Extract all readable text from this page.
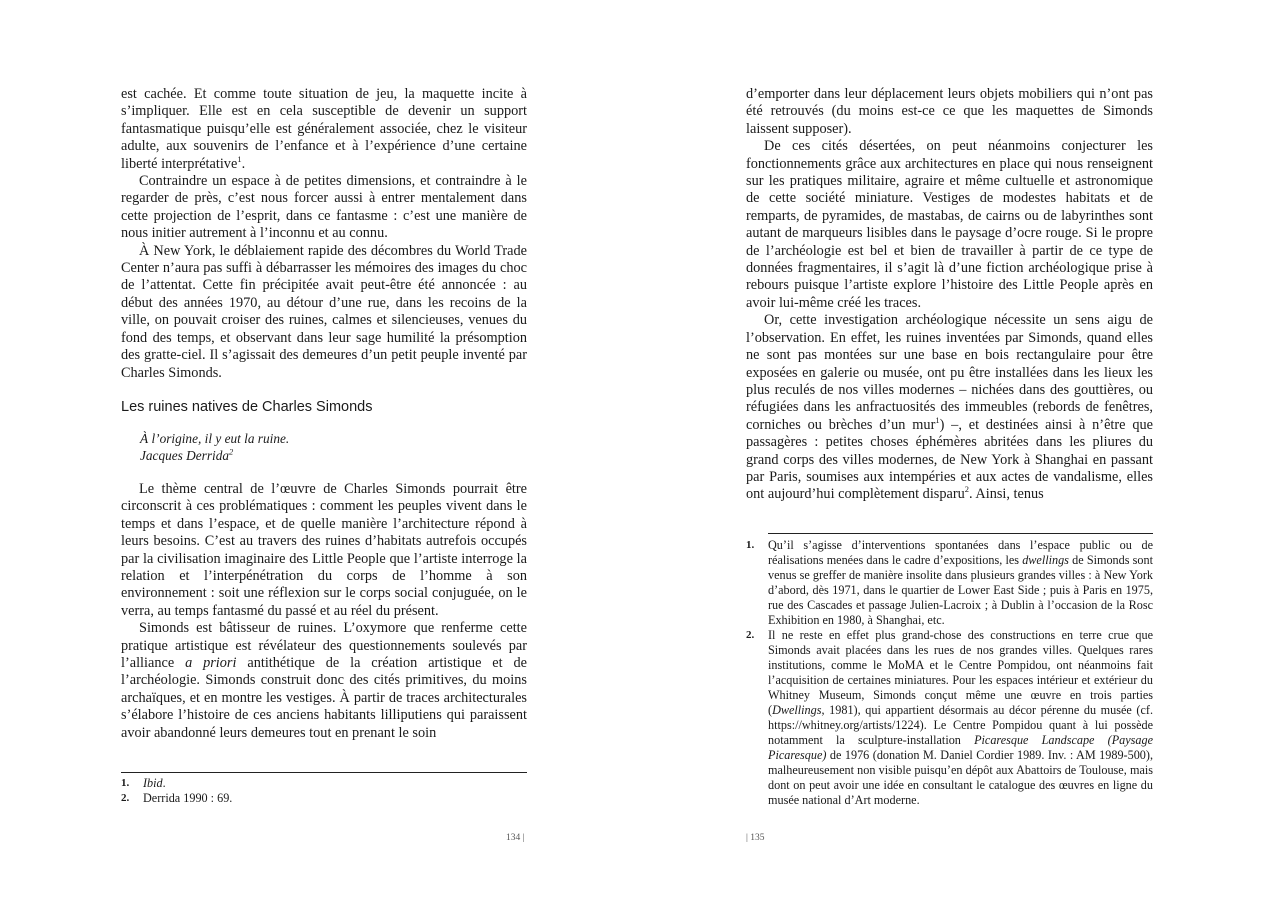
est cachée. Et comme toute situation de jeu, la maquette incite à s’impliquer. Elle est en cela susceptible de devenir un support fantasmatique puisqu’elle est généralement associée, chez le visiteur adulte, aux souvenirs de l’enfance et à l’expérience d’une certaine liberté interprétative$^1$.

Contraindre un espace à de petites dimensions, et contraindre à le regarder de près, c’est nous forcer aussi à entrer mentalement dans cette projection de l’esprit, dans ce fantasme : c’est une manière de nous initier autrement à l’inconnu et au connu.

À New York, le déblaiement rapide des décombres du World Trade Center n’aura pas suffi à débarrasser les mémoires des images du choc de l’attentat. Cette fin précipitée avait peut-être été annoncée : au début des années 1970, au détour d’une rue, dans les recoins de la ville, on pouvait croiser des ruines, calmes et silencieuses, venues du fond des temps, et observant dans leur sage humilité la présomption des gratte-ciel. Il s’agissait des demeures d’un petit peuple inventé par Charles Simonds.

Les ruines natives de Charles Simonds
À l’origine, il y eut la ruine.
Jacques Derrida$^2$

Le thème central de l’œuvre de Charles Simonds pourrait être circonscrit à ces problématiques : comment les peuples vivent dans le temps et dans l’espace, et de quelle manière l’architecture répond à leurs besoins. C’est au travers des ruines d’habitats autrefois occupés par la civilisation imaginaire des Little People que l’artiste interroge la relation et l’interpénétration du corps de l’homme à son environnement : soit une réflexion sur le corps social conjuguée, on le verra, au temps fantasmé du passé et au réel du présent.

Simonds est bâtisseur de ruines. L’oxymore que renferme cette pratique artistique est révélateur des questionnements soulevés par l’alliance a priori antithétique de la création artistique et de l’archéologie. Simonds construit donc des cités primitives, du moins archaïques, et en montre les vestiges. À partir de traces architecturales s’élabore l’histoire de ces anciens habitants lilliputiens qui paraissent avoir abandonné leurs demeures tout en prenant le soin

1.	Ibid.
2.	Derrida 1990 : 69.
134 |

d’emporter dans leur déplacement leurs objets mobiliers qui n’ont pas été retrouvés (du moins est-ce ce que les maquettes de Simonds laissent supposer).

De ces cités désertées, on peut néanmoins conjecturer les fonctionnements grâce aux architectures en place qui nous renseignent sur les pratiques militaire, agraire et même cultuelle et astronomique de cette société miniature. Vestiges de modestes habitats et de remparts, de pyramides, de mastabas, de cairns ou de labyrinthes sont autant de marqueurs lisibles dans le paysage d’ocre rouge. Si le propre de l’archéologie est bel et bien de travailler à partir de ce type de données fragmentaires, il s’agit là d’une fiction archéologique prise à rebours puisque l’artiste explore l’histoire des Little People après en avoir lui-même créé les traces.

Or, cette investigation archéologique nécessite un sens aigu de l’observation. En effet, les ruines inventées par Simonds, quand elles ne sont pas montées sur une base en bois rectangulaire pour être exposées en galerie ou musée, ont pu être installées dans les lieux les plus reculés de nos villes modernes – nichées dans des gouttières, ou réfugiées dans les anfractuosités des immeubles (rebords de fenêtres, corniches ou brèches d’un mur$^1$) –, et destinées ainsi à n’être que passagères : petites choses éphémères abritées dans les pliures du grand corps des villes modernes, de New York à Shanghai en passant par Paris, soumises aux intempéries et aux actes de vandalisme, elles ont aujourd’hui complètement disparu$^2$. Ainsi, tenus

1.	Qu’il s’agisse d’interventions spontanées dans l’espace public ou de réalisations menées dans le cadre d’expositions, les dwellings de Simonds sont venus se greffer de manière insolite dans plusieurs grandes villes : à New York d’abord, dès 1971, dans le quartier de Lower East Side ; puis à Paris en 1975, rue des Cascades et passage Julien-Lacroix ; à Dublin à l’occasion de la Rosc Exhibition en 1980, à Shanghai, etc.
2.	Il ne reste en effet plus grand-chose des constructions en terre crue que Simonds avait placées dans les rues de nos grandes villes. Quelques rares institutions, comme le MoMA et le Centre Pompidou, ont néanmoins fait l’acquisition de certaines miniatures. Pour les espaces intérieur et extérieur du Whitney Museum, Simonds conçut même une œuvre en trois parties (Dwellings, 1981), qui appartient désormais au décor pérenne du musée (cf. https://whitney.org/artists/1224). Le Centre Pompidou quant à lui possède notamment la sculpture-installation Picaresque Landscape (Paysage Picaresque) de 1976 (donation M. Daniel Cordier 1989. Inv. : AM 1989-500), malheureusement non visible puisqu’en dépôt aux Abattoirs de Toulouse, mais dont on peut avoir une idée en consultant le catalogue des œuvres en ligne du musée national d’Art moderne.
| 135
